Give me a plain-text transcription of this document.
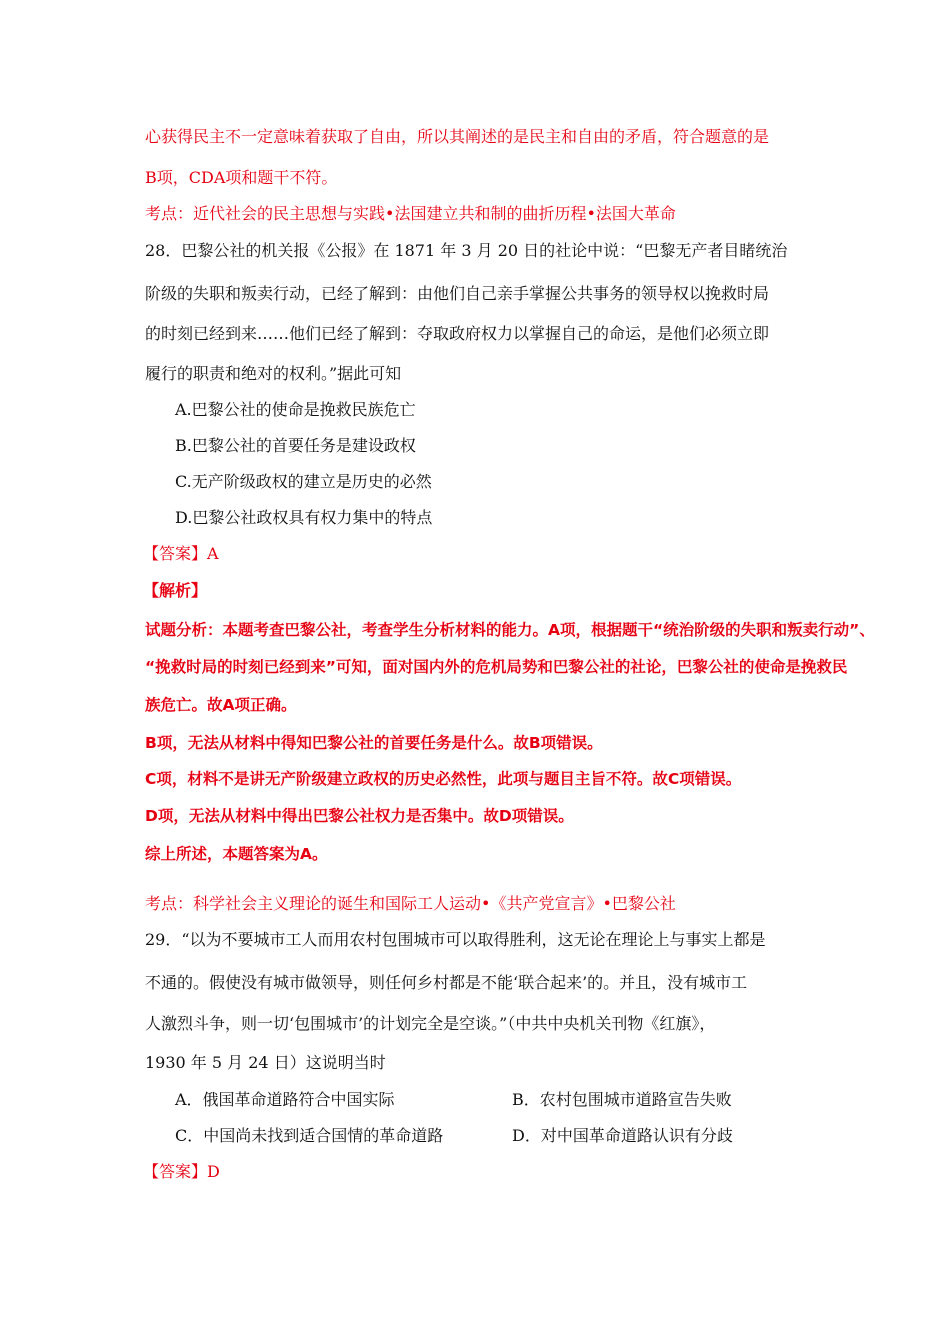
心获得民主不一定意味着获取了自由，所以其阐述的是民主和自由的矛盾，符合题意的是
B项，CDA项和题干不符。
考点：近代社会的民主思想与实践•法国建立共和制的曲折历程•法国大革命
28．巴黎公社的机关报《公报》在 1871 年 3 月 20 日的社论中说：“巴黎无产者目睹统治
阶级的失职和叛卖行动，已经了解到：由他们自己亲手掌握公共事务的领导权以挽救时局
的时刻已经到来……他们已经了解到：夺取政府权力以掌握自己的命运，是他们必须立即
履行的职责和绝对的权利。”据此可知
A.巴黎公社的使命是挽救民族危亡
B.巴黎公社的首要任务是建设政权
C.无产阶级政权的建立是历史的必然
D.巴黎公社政权具有权力集中的特点
【答案】A
【解析】
试题分析：本题考查巴黎公社，考查学生分析材料的能力。A项，根据题干“统治阶级的失职和叛卖行动”、
“挽救时局的时刻已经到来”可知，面对国内外的危机局势和巴黎公社的社论，巴黎公社的使命是挽救民
族危亡。故A项正确。
B项，无法从材料中得知巴黎公社的首要任务是什么。故B项错误。
C项，材料不是讲无产阶级建立政权的历史必然性，此项与题目主旨不符。故C项错误。
D项，无法从材料中得出巴黎公社权力是否集中。故D项错误。
综上所述，本题答案为A。
考点：科学社会主义理论的诞生和国际工人运动•《共产党宣言》•巴黎公社
29．“以为不要城市工人而用农村包围城市可以取得胜利，这无论在理论上与事实上都是
不通的。假使没有城市做领导，则任何乡村都是不能‘联合起来’的。并且，没有城市工
人激烈斗争，则一切‘包围城市’的计划完全是空谈。”（中共中央机关刊物《红旗》，
1930 年 5 月 24 日）这说明当时
A．俄国革命道路符合中国实际	B．农村包围城市道路宣告失败
C．中国尚未找到适合国情的革命道路	D．对中国革命道路认识有分歧
【答案】D
